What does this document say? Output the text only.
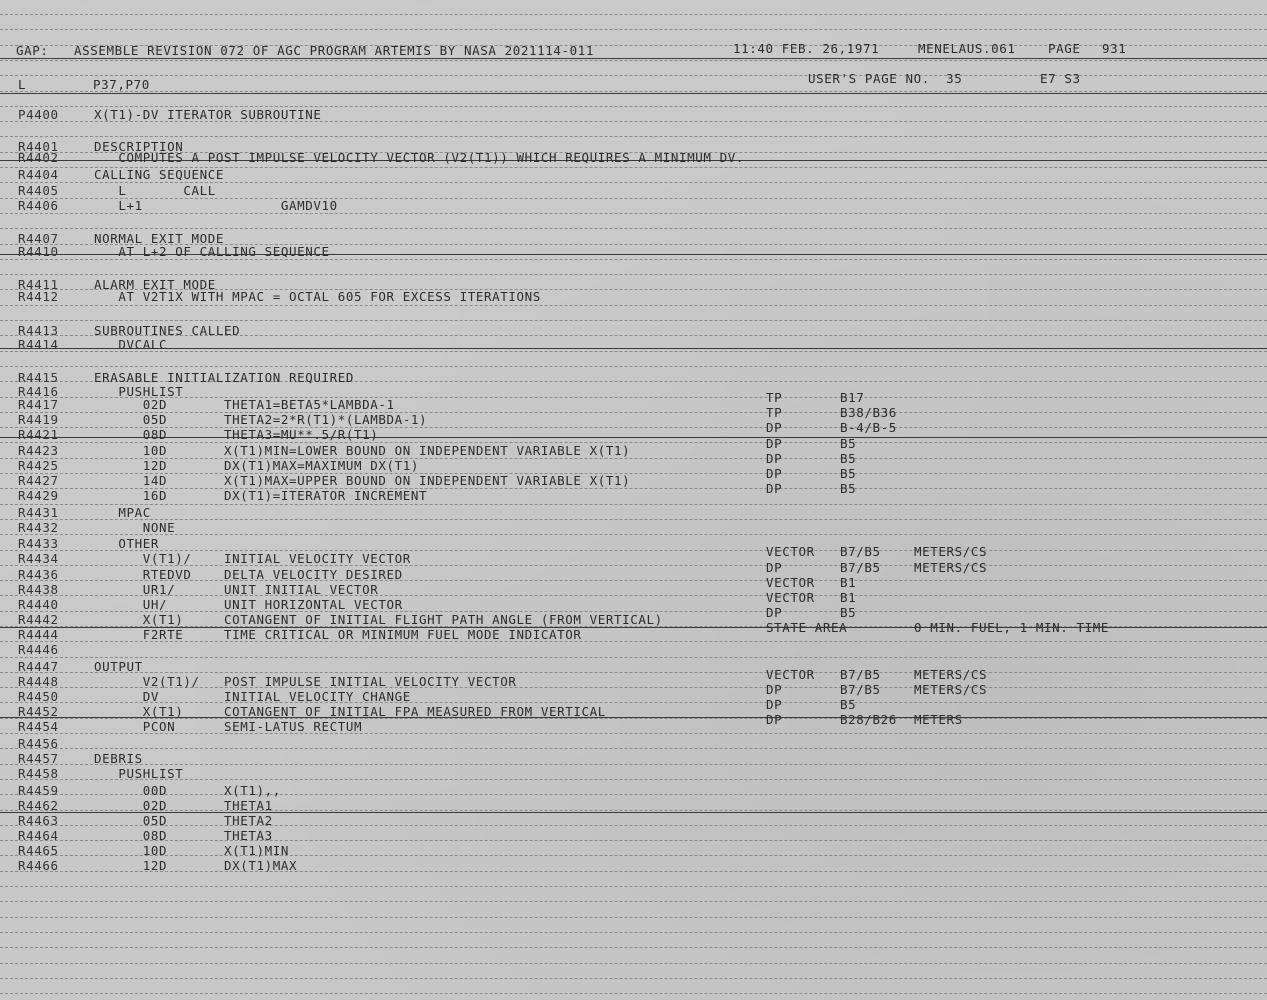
GAP: ASSEMBLE REVISION 072 OF AGC PROGRAM ARTEMIS BY NASA 2021114-011	11:40 FEB. 26,1971	MENELAUS.061	PAGE 931
L	P37,P70	USER'S PAGE NO.  35	E7 S3
P4400	X(T1)-DV ITERATOR SUBROUTINE
R4401	DESCRIPTION
R4402	COMPUTES A POST IMPULSE VELOCITY VECTOR (V2(T1)) WHICH REQUIRES A MINIMUM DV.
R4404	CALLING SEQUENCE
R4405	L       CALL
R4406	L+1                 GAMDV10
R4407	NORMAL EXIT MODE
R4410	AT L+2 OF CALLING SEQUENCE
R4411	ALARM EXIT MODE
R4412	AT V2T1X WITH MPAC = OCTAL 605 FOR EXCESS ITERATIONS
R4413	SUBROUTINES CALLED
R4414	DVCALC
R4415	ERASABLE INITIALIZATION REQUIRED
R4416	PUSHLIST
R4417	02D       THETA1=BETA5*LAMBDA-1	TP	B17
R4419	05D       THETA2=2*R(T1)*(LAMBDA-1)	TP	B38/B36
R4421	08D       THETA3=MU**.5/R(T1)	DP	B-4/B-5
R4423	10D       X(T1)MIN=LOWER BOUND ON INDEPENDENT VARIABLE X(T1)	DP	B5
R4425	12D       DX(T1)MAX=MAXIMUM DX(T1)	DP	B5
R4427	14D       X(T1)MAX=UPPER BOUND ON INDEPENDENT VARIABLE X(T1)	DP	B5
R4429	16D       DX(T1)=ITERATOR INCREMENT	DP	B5
R4431	MPAC
R4432	NONE
R4433	OTHER
R4434	V(T1)/    INITIAL VELOCITY VECTOR	VECTOR B7/B5	METERS/CS
R4436	RTEDVD    DELTA VELOCITY DESIRED	DP	B7/B5	METERS/CS
R4438	UR1/      UNIT INITIAL VECTOR	VECTOR B1
R4440	UH/       UNIT HORIZONTAL VECTOR	VECTOR B1
R4442	X(T1)     COTANGENT OF INITIAL FLIGHT PATH ANGLE (FROM VERTICAL)	DP	B5
R4444	F2RTE     TIME CRITICAL OR MINIMUM FUEL MODE INDICATOR	STATE AREA	0 MIN. FUEL, 1 MIN. TIME
R4446
R4447	OUTPUT
R4448	V2(T1)/   POST IMPULSE INITIAL VELOCITY VECTOR	VECTOR B7/B5	METERS/CS
R4450	DV        INITIAL VELOCITY CHANGE	DP	B7/B5	METERS/CS
R4452	X(T1)     COTANGENT OF INITIAL FPA MEASURED FROM VERTICAL	DP	B5
R4454	PCON      SEMI-LATUS RECTUM	DP	B28/B26 METERS
R4456
R4457	DEBRIS
R4458	PUSHLIST
R4459	00D       X(T1),,
R4462	02D       THETA1
R4463	05D       THETA2
R4464	08D       THETA3
R4465	10D       X(T1)MIN
R4466	12D       DX(T1)MAX
